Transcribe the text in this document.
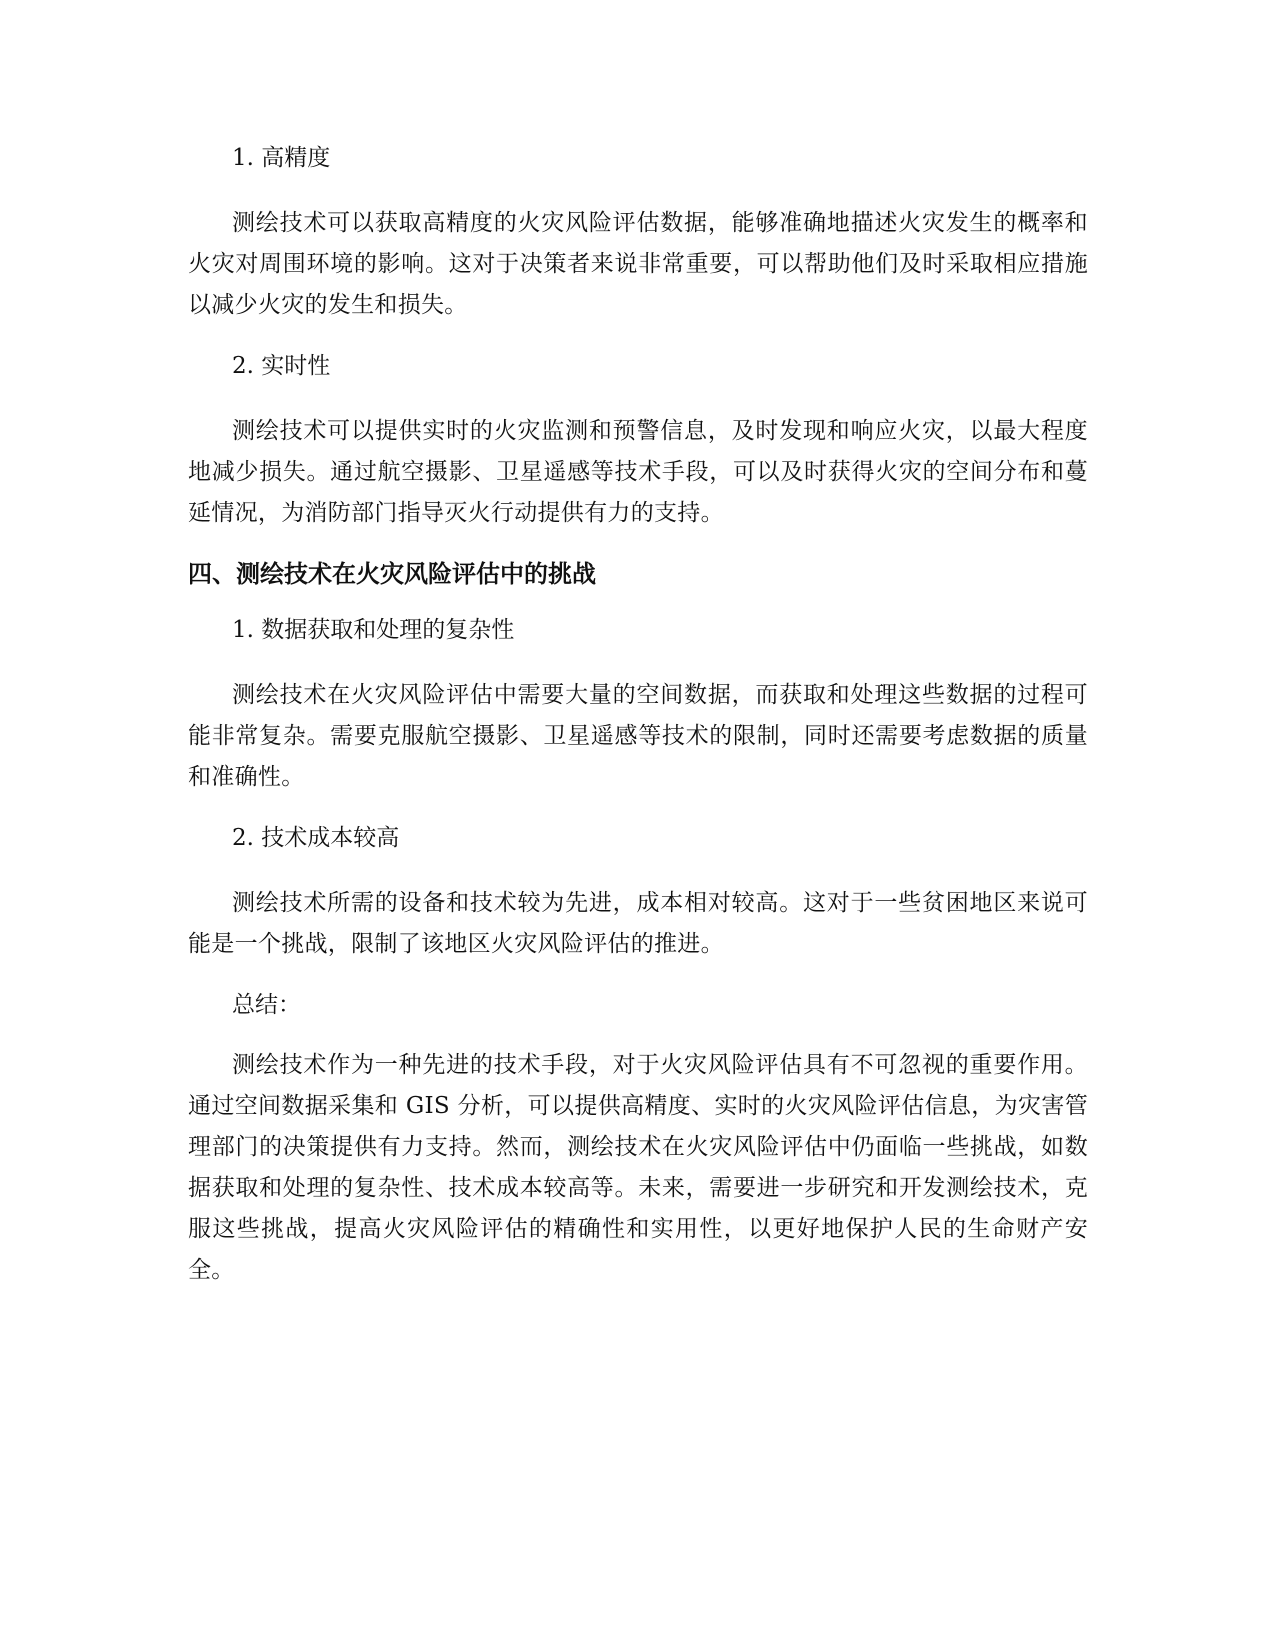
1. 高精度

测绘技术可以获取高精度的火灾风险评估数据，能够准确地描述火灾发生的概率和火灾对周围环境的影响。这对于决策者来说非常重要，可以帮助他们及时采取相应措施以减少火灾的发生和损失。

2. 实时性

测绘技术可以提供实时的火灾监测和预警信息，及时发现和响应火灾，以最大程度地减少损失。通过航空摄影、卫星遥感等技术手段，可以及时获得火灾的空间分布和蔓延情况，为消防部门指导灭火行动提供有力的支持。

四、测绘技术在火灾风险评估中的挑战

1. 数据获取和处理的复杂性

测绘技术在火灾风险评估中需要大量的空间数据，而获取和处理这些数据的过程可能非常复杂。需要克服航空摄影、卫星遥感等技术的限制，同时还需要考虑数据的质量和准确性。

2. 技术成本较高

测绘技术所需的设备和技术较为先进，成本相对较高。这对于一些贫困地区来说可能是一个挑战，限制了该地区火灾风险评估的推进。

总结：

测绘技术作为一种先进的技术手段，对于火灾风险评估具有不可忽视的重要作用。通过空间数据采集和 GIS 分析，可以提供高精度、实时的火灾风险评估信息，为灾害管理部门的决策提供有力支持。然而，测绘技术在火灾风险评估中仍面临一些挑战，如数据获取和处理的复杂性、技术成本较高等。未来，需要进一步研究和开发测绘技术，克服这些挑战，提高火灾风险评估的精确性和实用性，以更好地保护人民的生命财产安全。
